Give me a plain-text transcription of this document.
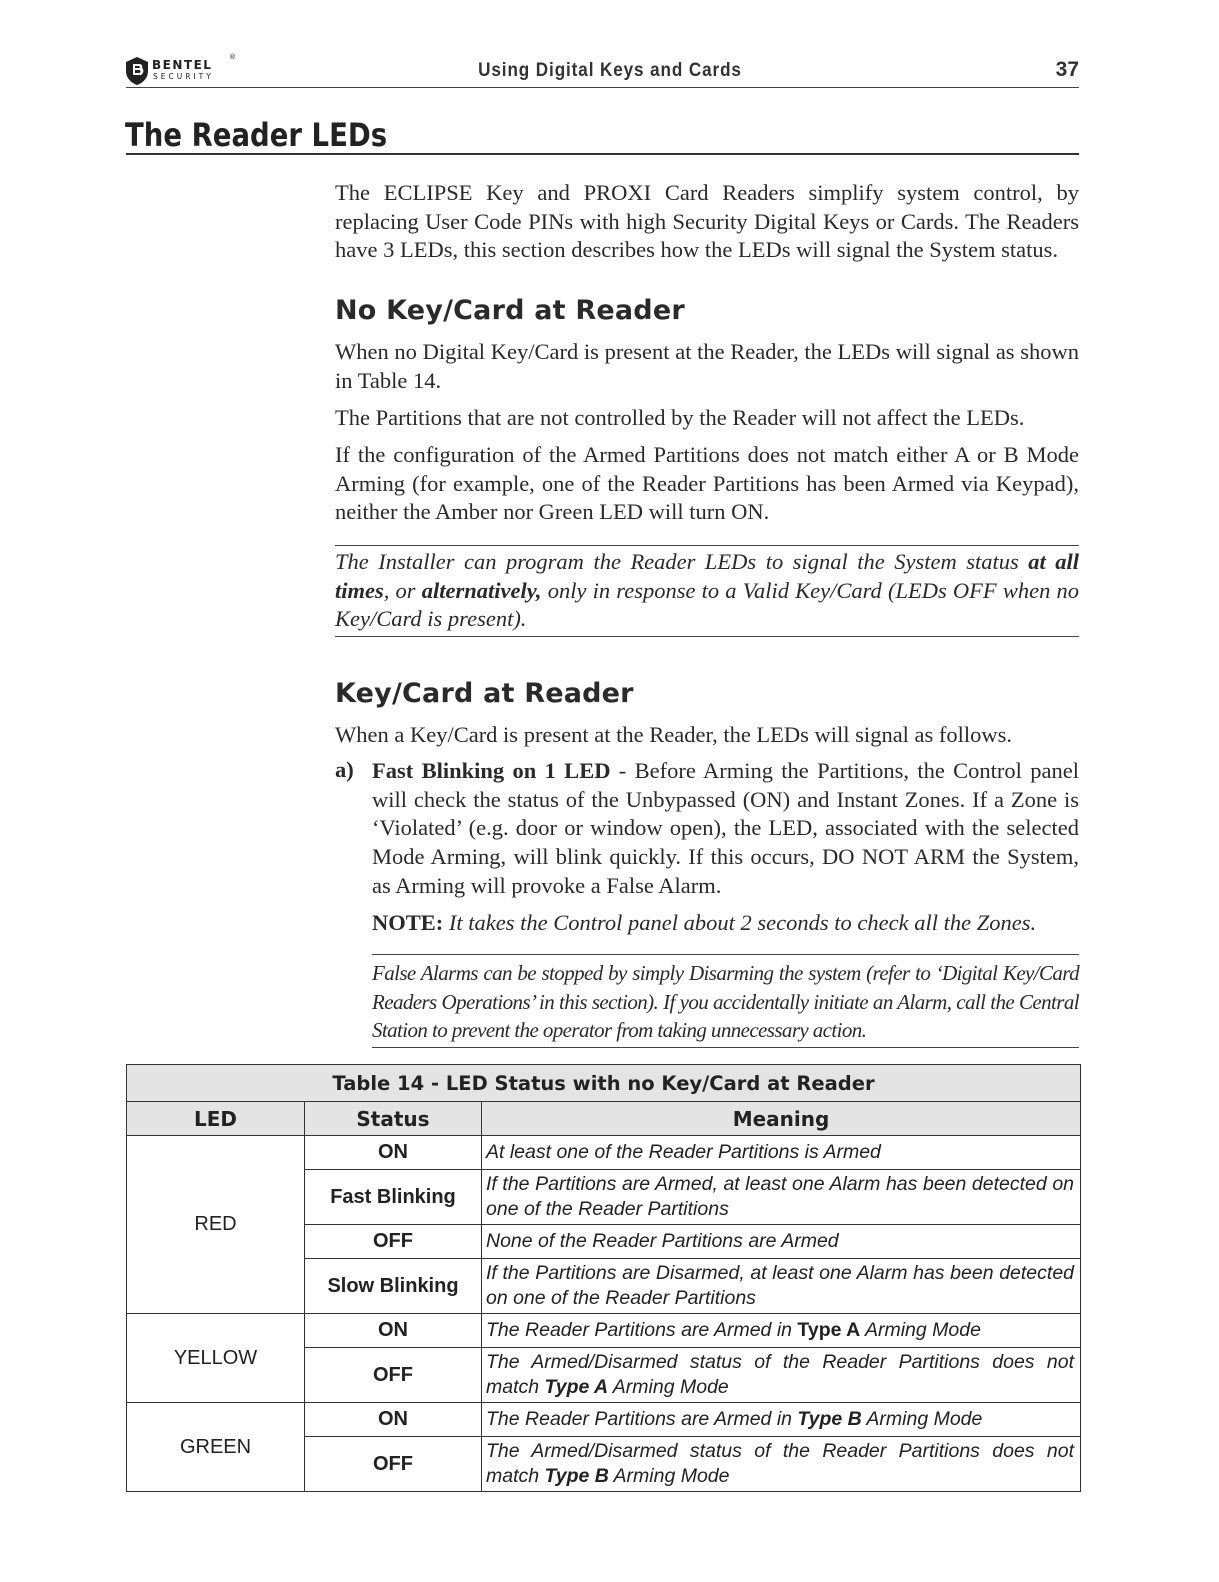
BENTEL
SECURITY
®
Using Digital Keys and Cards	37
The Reader LEDs

The ECLIPSE Key and PROXI Card Readers simplify system control, by replacing User Code PINs with high Security Digital Keys or Cards. The Readers have 3 LEDs, this section describes how the LEDs will signal the System status.

No Key/Card at Reader

When no Digital Key/Card is present at the Reader, the LEDs will signal as shown in Table 14.

The Partitions that are not controlled by the Reader will not affect the LEDs.

If the configuration of the Armed Partitions does not match either A or B Mode Arming (for example, one of the Reader Partitions has been Armed via Keypad), neither the Amber nor Green LED will turn ON.

The Installer can program the Reader LEDs to signal the System status at all times, or alternatively, only in response to a Valid Key/Card (LEDs OFF when no Key/Card is present).

Key/Card at Reader

When a Key/Card is present at the Reader, the LEDs will signal as follows.

a) Fast Blinking on 1 LED - Before Arming the Partitions, the Control panel will check the status of the Unbypassed (ON) and Instant Zones. If a Zone is ‘Violated’ (e.g. door or window open), the LED, associated with the selected Mode Arming, will blink quickly. If this occurs, DO NOT ARM the System, as Arming will provoke a False Alarm.

NOTE: It takes the Control panel about 2 seconds to check all the Zones.

False Alarms can be stopped by simply Disarming the system (refer to ‘Digital Key/Card Readers Operations’ in this section). If you accidentally initiate an Alarm, call the Central Station to prevent the operator from taking unnecessary action.

Table 14 - LED Status with no Key/Card at Reader		
LED	Status	Meaning
RED	ON	At least one of the Reader Partitions is Armed
	Fast Blinking	If the Partitions are Armed, at least one Alarm has been detected on one of the Reader Partitions
	OFF	None of the Reader Partitions are Armed
	Slow Blinking	If the Partitions are Disarmed, at least one Alarm has been detected on one of the Reader Partitions
YELLOW	ON	The Reader Partitions are Armed in Type A Arming Mode
	OFF	The Armed/Disarmed status of the Reader Partitions does not match Type A Arming Mode
GREEN	ON	The Reader Partitions are Armed in Type B Arming Mode
	OFF	The Armed/Disarmed status of the Reader Partitions does not match Type B Arming Mode
